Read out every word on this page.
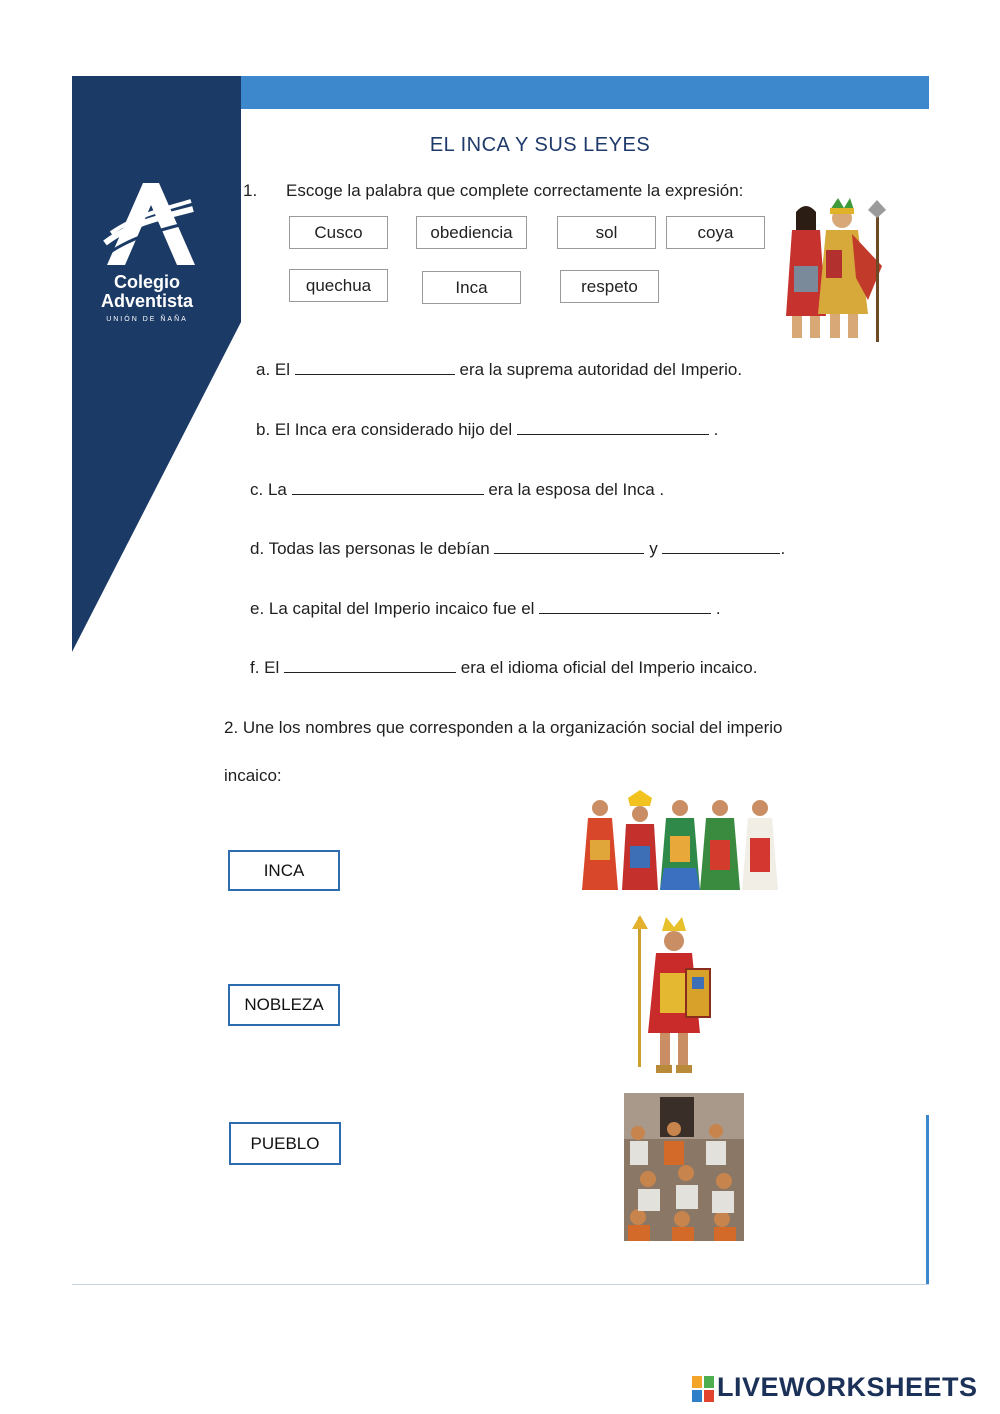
Colegio
Adventista
UNIÓN DE ÑAÑA
EL INCA Y SUS LEYES
1. Escoge la palabra que complete correctamente la expresión:
Cusco	obediencia	sol	coya
quechua	Inca	respeto
a. El	era la suprema autoridad del Imperio.
b. El Inca era considerado hijo del	.
c. La	era la esposa del Inca .
d. Todas las personas le debían	y	.
e. La capital del Imperio incaico fue el	.
f. El	era el idioma oficial del Imperio incaico.
2. Une los nombres que corresponden a la organización social del imperio
incaico:
INCA
NOBLEZA
PUEBLO
LIVEWORKSHEETS
